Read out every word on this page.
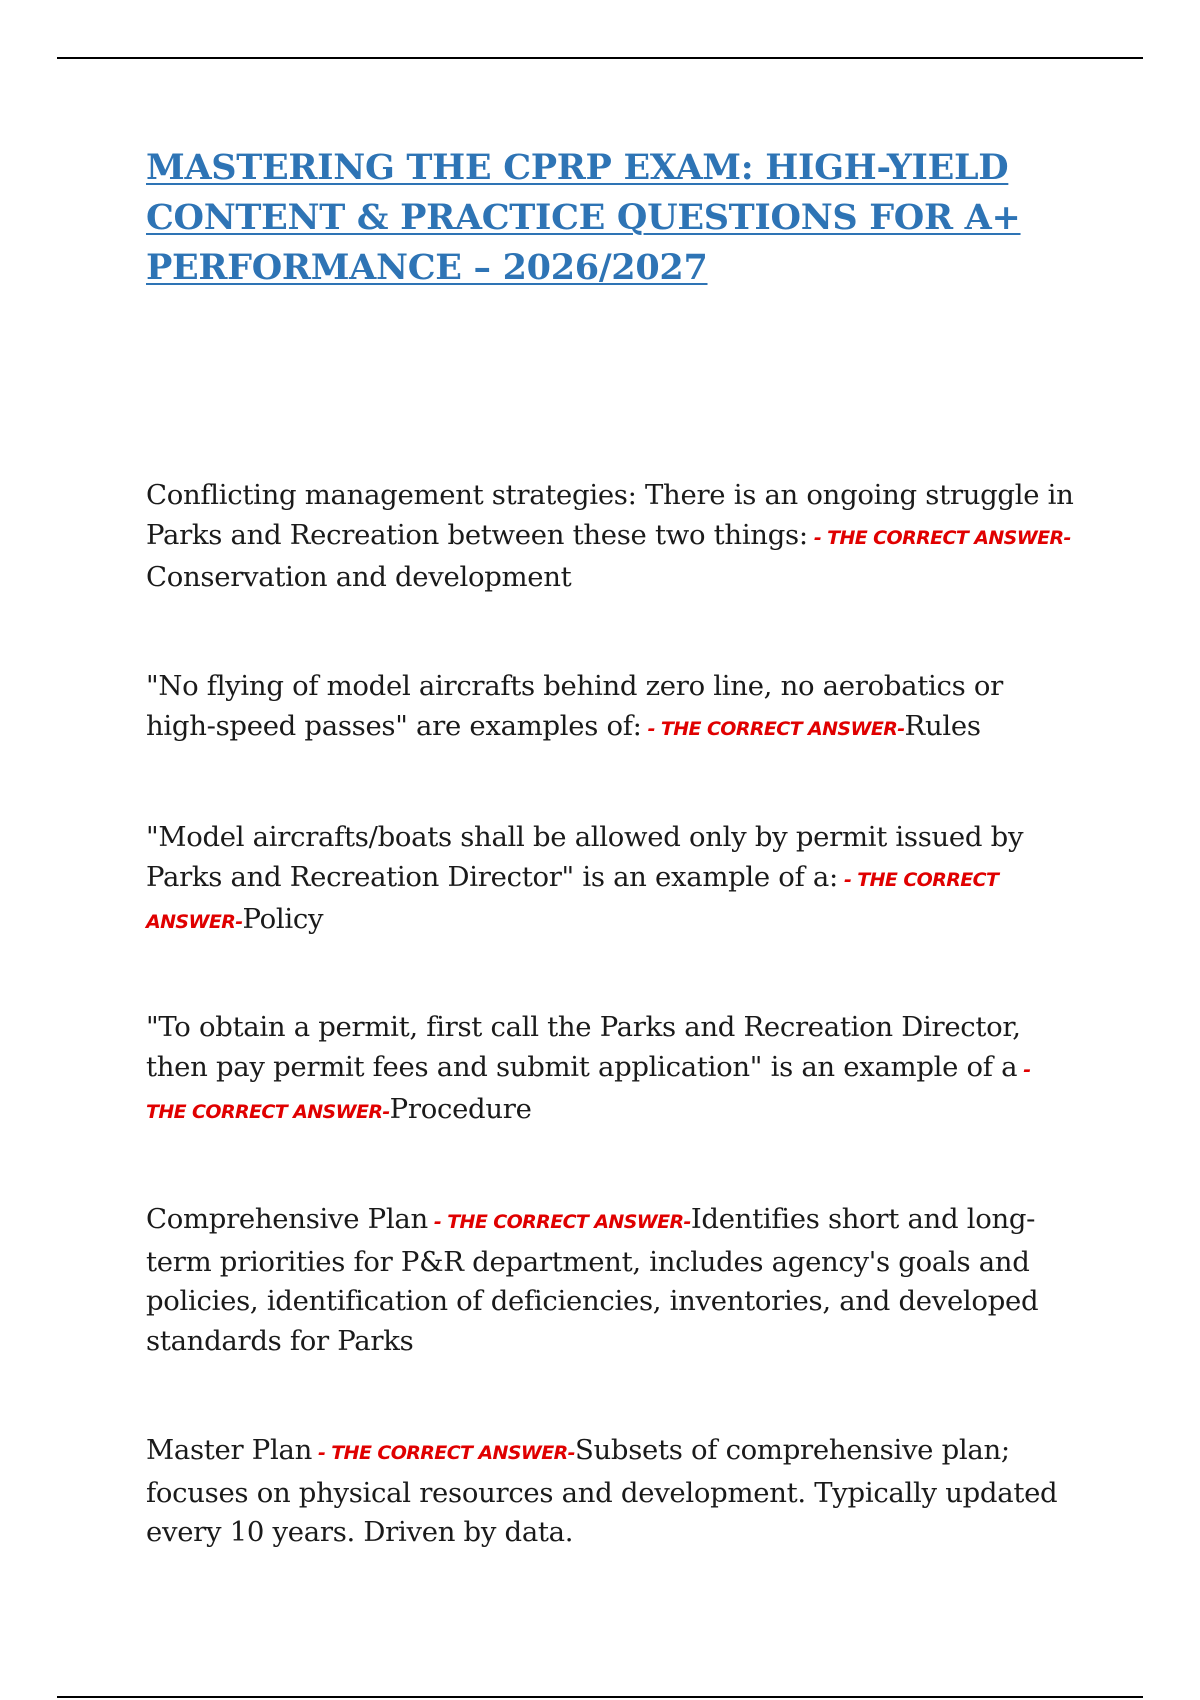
MASTERING THE CPRP EXAM: HIGH-YIELD CONTENT & PRACTICE QUESTIONS FOR A+ PERFORMANCE – 2026/2027

Conflicting management strategies: There is an ongoing struggle in Parks and Recreation between these two things: - THE CORRECT ANSWER-Conservation and development

"No flying of model aircrafts behind zero line, no aerobatics or high-speed passes" are examples of: - THE CORRECT ANSWER-Rules

"Model aircrafts/boats shall be allowed only by permit issued by Parks and Recreation Director" is an example of a: - THE CORRECT ANSWER-Policy

"To obtain a permit, first call the Parks and Recreation Director, then pay permit fees and submit application" is an example of a - THE CORRECT ANSWER-Procedure

Comprehensive Plan - THE CORRECT ANSWER-Identifies short and long-term priorities for P&R department, includes agency's goals and policies, identification of deficiencies, inventories, and developed standards for Parks

Master Plan - THE CORRECT ANSWER-Subsets of comprehensive plan; focuses on physical resources and development. Typically updated every 10 years. Driven by data.
